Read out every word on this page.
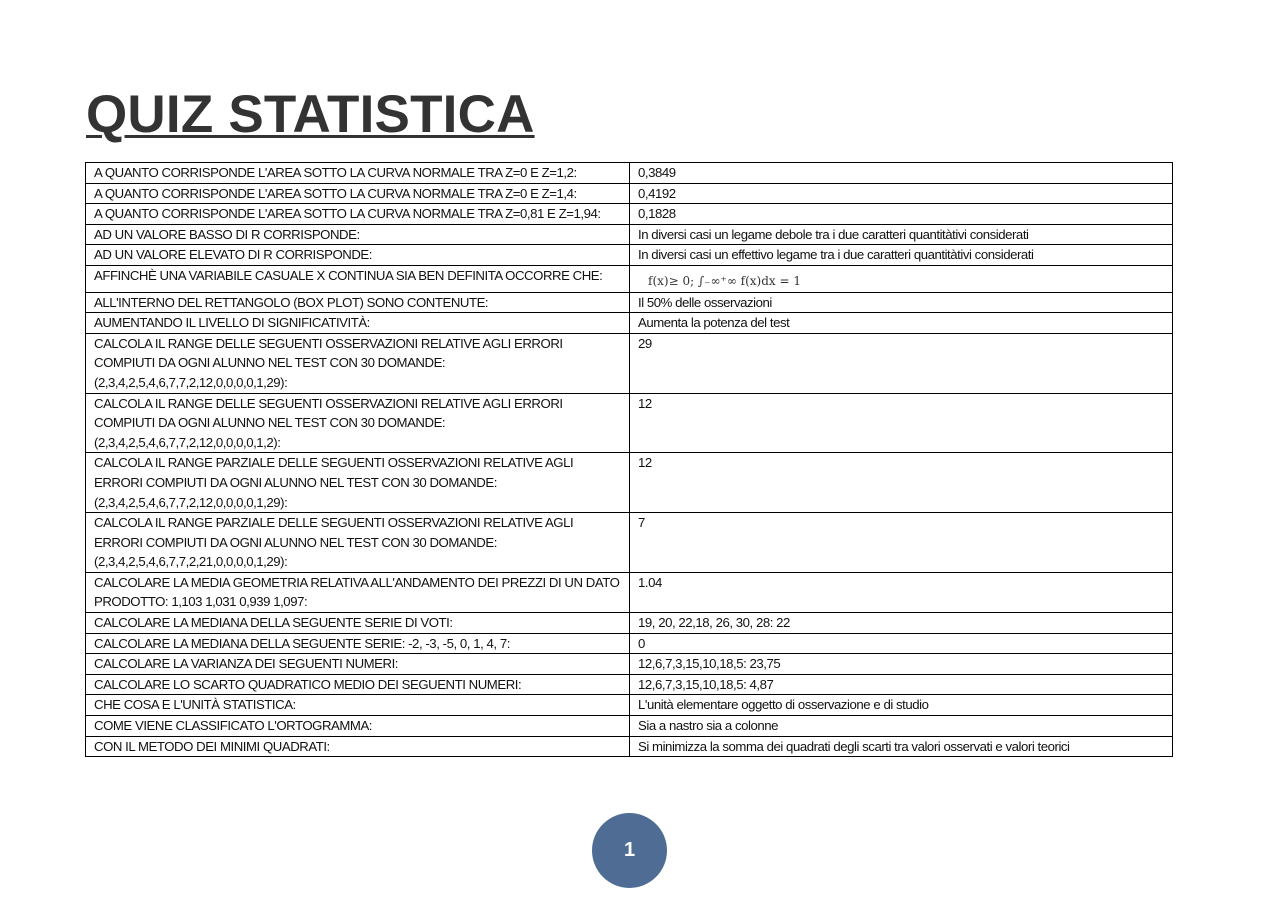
QUIZ STATISTICA
A QUANTO CORRISPONDE L'AREA SOTTO LA CURVA NORMALE TRA Z=0 E Z=1,2:	0,3849
A QUANTO CORRISPONDE L'AREA SOTTO LA CURVA NORMALE TRA Z=0 E Z=1,4:	0,4192
A QUANTO CORRISPONDE L'AREA SOTTO LA CURVA NORMALE TRA Z=0,81 E Z=1,94:	0,1828
AD UN VALORE BASSO DI R CORRISPONDE:	In diversi casi un legame debole tra i due caratteri quantitàtivi considerati
AD UN VALORE ELEVATO DI R CORRISPONDE:	In diversi casi un effettivo legame tra i due caratteri quantitàtivi considerati
AFFINCHÈ UNA VARIABILE CASUALE X CONTINUA SIA BEN DEFINITA OCCORRE CHE:	f(x)≥ 0; ∫₋∞⁺∞ f(x)dx = 1
ALL'INTERNO DEL RETTANGOLO (BOX PLOT) SONO CONTENUTE:	Il 50% delle osservazioni
AUMENTANDO IL LIVELLO DI SIGNIFICATIVITÀ:	Aumenta la potenza del test
CALCOLA IL RANGE DELLE SEGUENTI OSSERVAZIONI RELATIVE AGLI ERRORI COMPIUTI DA OGNI ALUNNO NEL TEST CON 30 DOMANDE: (2,3,4,2,5,4,6,7,7,2,12,0,0,0,0,1,29):	29
CALCOLA IL RANGE DELLE SEGUENTI OSSERVAZIONI RELATIVE AGLI ERRORI COMPIUTI DA OGNI ALUNNO NEL TEST CON 30 DOMANDE: (2,3,4,2,5,4,6,7,7,2,12,0,0,0,0,1,2):	12
CALCOLA IL RANGE PARZIALE DELLE SEGUENTI OSSERVAZIONI RELATIVE AGLI ERRORI COMPIUTI DA OGNI ALUNNO NEL TEST CON 30 DOMANDE: (2,3,4,2,5,4,6,7,7,2,12,0,0,0,0,1,29):	12
CALCOLA IL RANGE PARZIALE DELLE SEGUENTI OSSERVAZIONI RELATIVE AGLI ERRORI COMPIUTI DA OGNI ALUNNO NEL TEST CON 30 DOMANDE: (2,3,4,2,5,4,6,7,7,2,21,0,0,0,0,1,29):	7
CALCOLARE LA MEDIA GEOMETRIA RELATIVA ALL'ANDAMENTO DEI PREZZI DI UN DATO PRODOTTO: 1,103 1,031 0,939 1,097:	1.04
CALCOLARE LA MEDIANA DELLA SEGUENTE SERIE DI VOTI:	19, 20, 22,18, 26, 30, 28: 22
CALCOLARE LA MEDIANA DELLA SEGUENTE SERIE: -2, -3, -5, 0, 1, 4, 7:	0
CALCOLARE LA VARIANZA DEI SEGUENTI NUMERI:	12,6,7,3,15,10,18,5: 23,75
CALCOLARE LO SCARTO QUADRATICO MEDIO DEI SEGUENTI NUMERI:	12,6,7,3,15,10,18,5: 4,87
CHE COSA E L'UNITÀ STATISTICA:	L'unità elementare oggetto di osservazione e di studio
COME VIENE CLASSIFICATO L'ORTOGRAMMA:	Sia a nastro sia a colonne
CON IL METODO DEI MINIMI QUADRATI:	Si minimizza la somma dei quadrati degli scarti tra valori osservati e valori teorici
1
